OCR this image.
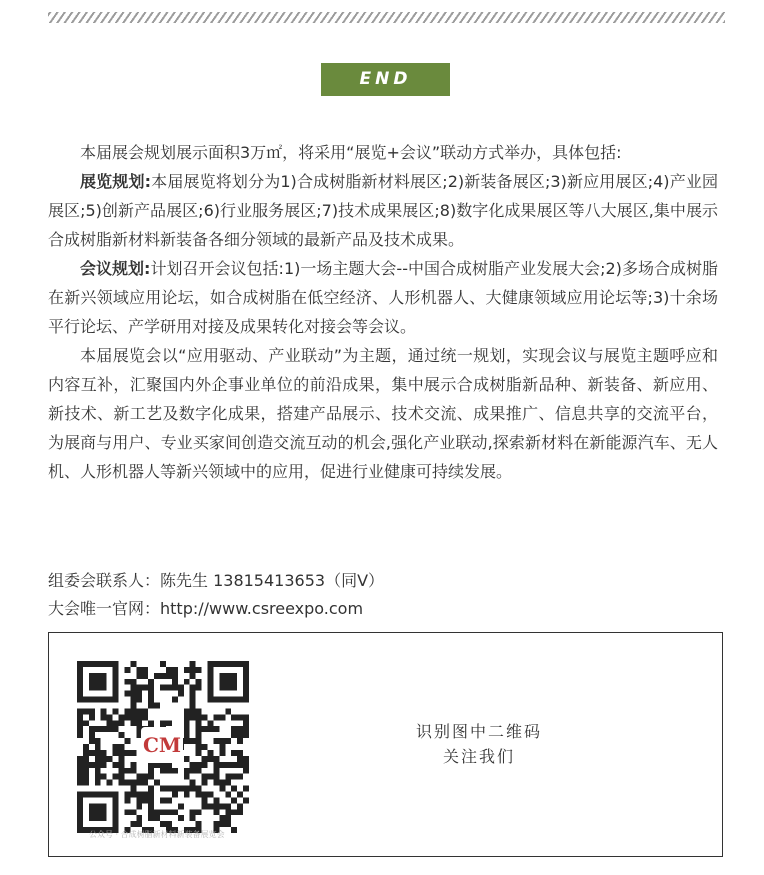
END

本届展会规划展示面积3万㎡，将采用“展览+会议”联动方式举办，具体包括:

展览规划:本届展览将划分为1)合成树脂新材料展区;2)新装备展区;3)新应用展区;4)产业园展区;5)创新产品展区;6)行业服务展区;7)技术成果展区;8)数字化成果展区等八大展区,集中展示合成树脂新材料新装备各细分领域的最新产品及技术成果。

会议规划:计划召开会议包括:1)一场主题大会--中国合成树脂产业发展大会;2)多场合成树脂在新兴领域应用论坛，如合成树脂在低空经济、人形机器人、大健康领域应用论坛等;3)十余场平行论坛、产学研用对接及成果转化对接会等会议。

本届展览会以“应用驱动、产业联动”为主题，通过统一规划，实现会议与展览主题呼应和内容互补，汇聚国内外企事业单位的前沿成果，集中展示合成树脂新品种、新装备、新应用、新技术、新工艺及数字化成果，搭建产品展示、技术交流、成果推广、信息共享的交流平台，为展商与用户、专业买家间创造交流互动的机会,强化产业联动,探索新材料在新能源汽车、无人机、人形机器人等新兴领域中的应用，促进行业健康可持续发展。

组委会联系人：陈先生 13815413653（同V）
大会唯一官网：http://www.csreexpo.com
CM
公众号 · 合成树脂新材料新装备展览会
识别图中二维码
关注我们
